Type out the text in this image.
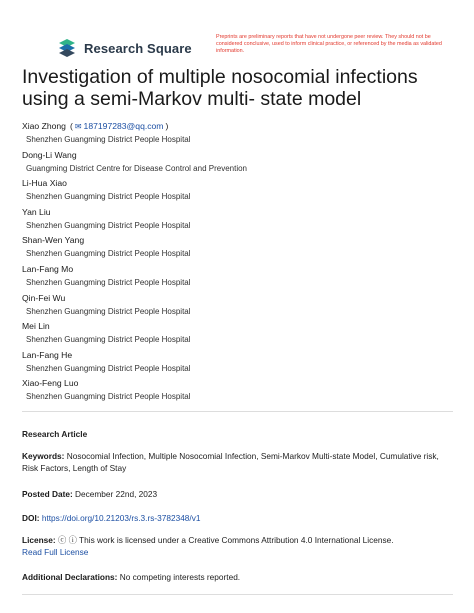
Research Square
Preprints are preliminary reports that have not undergone peer review. They should not be considered conclusive, used to inform clinical practice, or referenced by the media as validated information.
Investigation of multiple nosocomial infections using a semi-Markov multi- state model
Xiao Zhong ( ✉ 187197283@qq.com )
Shenzhen Guangming District People Hospital
Dong-Li Wang
Guangming District Centre for Disease Control and Prevention
Li-Hua Xiao
Shenzhen Guangming District People Hospital
Yan Liu
Shenzhen Guangming District People Hospital
Shan-Wen Yang
Shenzhen Guangming District People Hospital
Lan-Fang Mo
Shenzhen Guangming District People Hospital
Qin-Fei Wu
Shenzhen Guangming District People Hospital
Mei Lin
Shenzhen Guangming District People Hospital
Lan-Fang He
Shenzhen Guangming District People Hospital
Xiao-Feng Luo
Shenzhen Guangming District People Hospital
Research Article
Keywords: Nosocomial Infection, Multiple Nosocomial Infection, Semi-Markov Multi-state Model, Cumulative risk, Risk Factors, Length of Stay
Posted Date: December 22nd, 2023
DOI: https://doi.org/10.21203/rs.3.rs-3782348/v1
License: ⓒ ⓘ This work is licensed under a Creative Commons Attribution 4.0 International License.
Read Full License
Additional Declarations: No competing interests reported.
